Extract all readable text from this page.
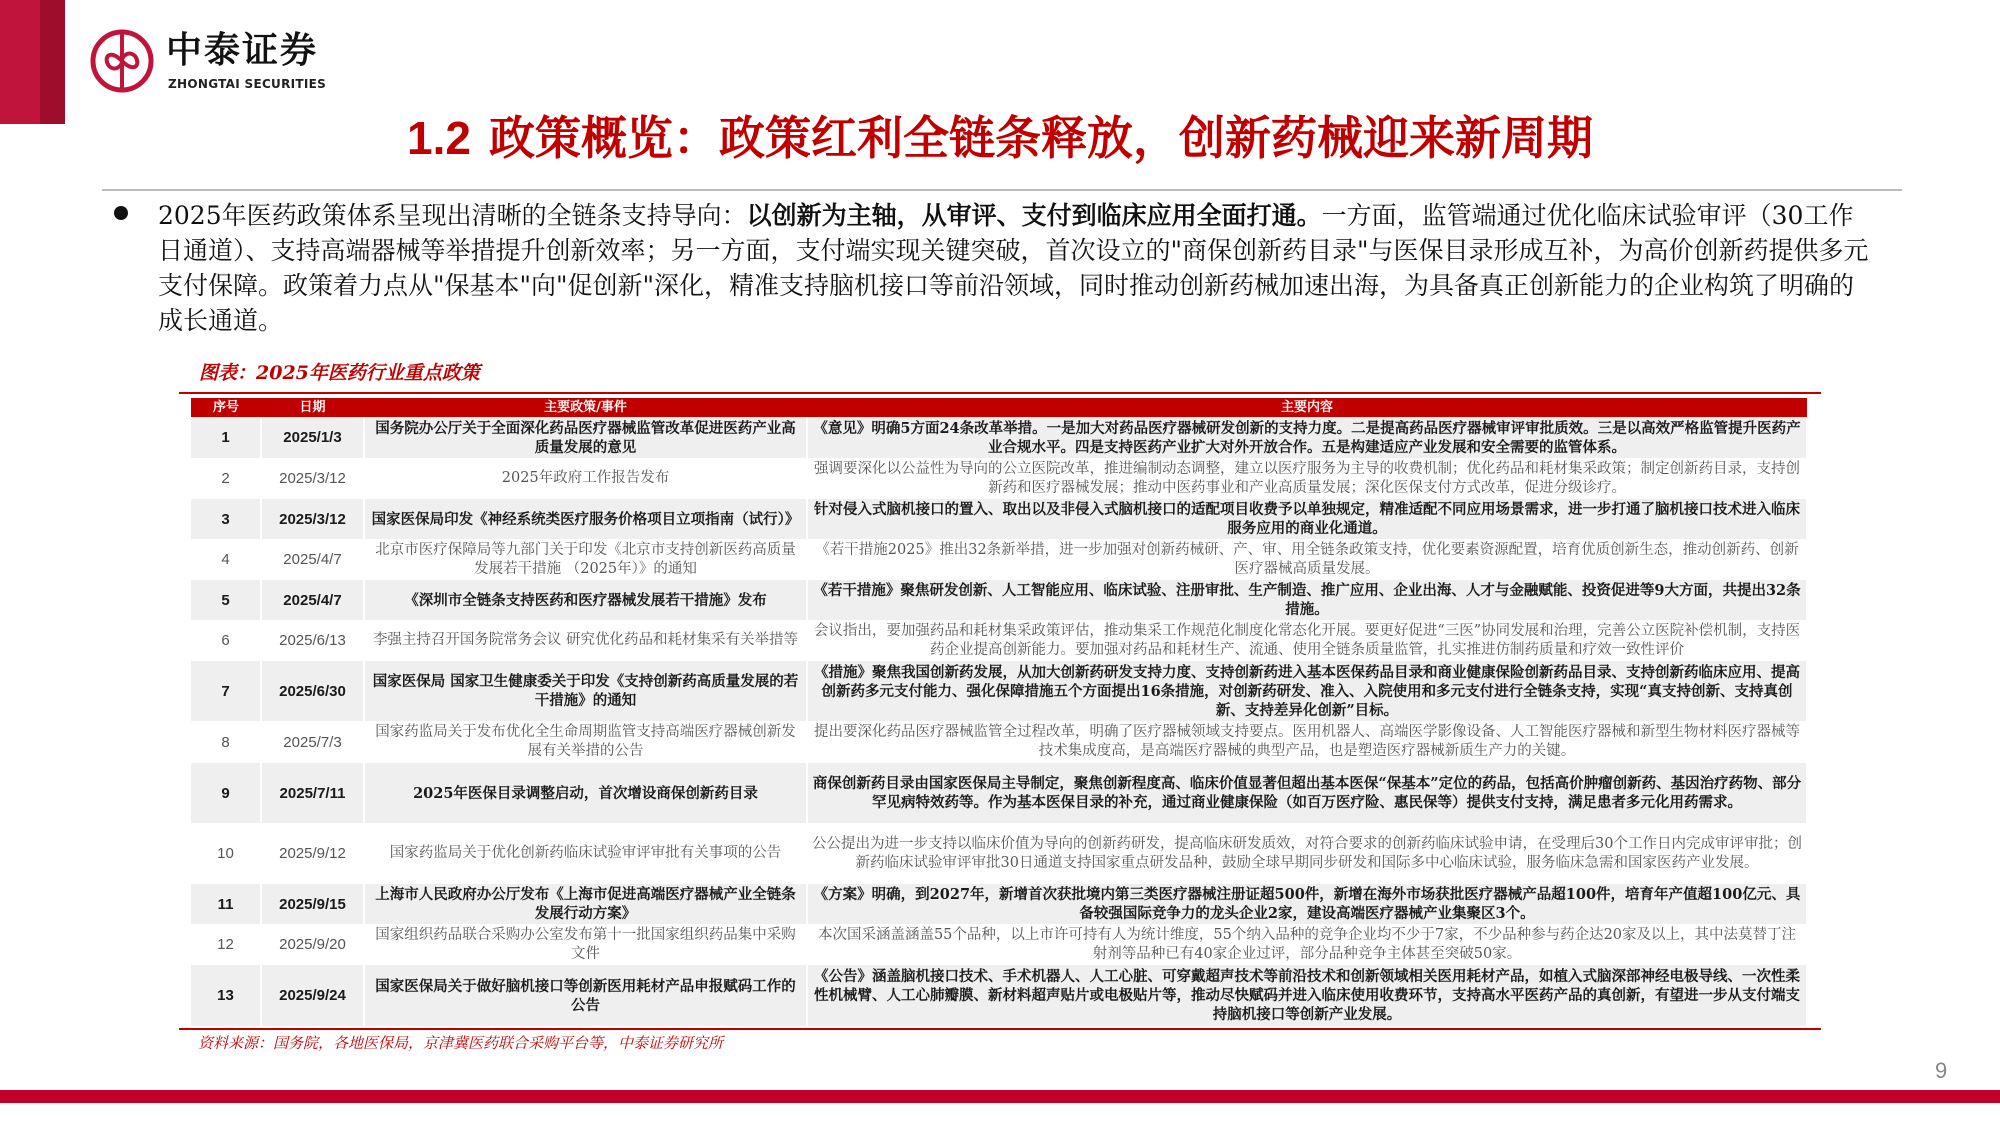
中泰证券
ZHONGTAI SECURITIES
1.2 政策概览：政策红利全链条释放，创新药械迎来新周期
2025年医药政策体系呈现出清晰的全链条支持导向：以创新为主轴，从审评、支付到临床应用全面打通。一方面，监管端通过优化临床试验审评（30工作日通道）、支持高端器械等举措提升创新效率；另一方面，支付端实现关键突破，首次设立的"商保创新药目录"与医保目录形成互补，为高价创新药提供多元支付保障。政策着力点从"保基本"向"促创新"深化，精准支持脑机接口等前沿领域，同时推动创新药械加速出海，为具备真正创新能力的企业构筑了明确的成长通道。
图表：2025年医药行业重点政策
序号	日期	主要政策/事件	主要内容
1	2025/1/3	国务院办公厅关于全面深化药品医疗器械监管改革促进医药产业高质量发展的意见	《意见》明确5方面24条改革举措。一是加大对药品医疗器械研发创新的支持力度。二是提高药品医疗器械审评审批质效。三是以高效严格监管提升医药产业合规水平。四是支持医药产业扩大对外开放合作。五是构建适应产业发展和安全需要的监管体系。
2	2025/3/12	2025年政府工作报告发布	强调要深化以公益性为导向的公立医院改革，推进编制动态调整，建立以医疗服务为主导的收费机制；优化药品和耗材集采政策；制定创新药目录，支持创新药和医疗器械发展；推动中医药事业和产业高质量发展；深化医保支付方式改革，促进分级诊疗。
3	2025/3/12	国家医保局印发《神经系统类医疗服务价格项目立项指南（试行）》	针对侵入式脑机接口的置入、取出以及非侵入式脑机接口的适配项目收费予以单独规定，精准适配不同应用场景需求，进一步打通了脑机接口技术进入临床服务应用的商业化通道。
4	2025/4/7	北京市医疗保障局等九部门关于印发《北京市支持创新医药高质量发展若干措施 （2025年）》的通知	《若干措施2025》推出32条新举措，进一步加强对创新药械研、产、审、用全链条政策支持，优化要素资源配置，培育优质创新生态，推动创新药、创新医疗器械高质量发展。
5	2025/4/7	《深圳市全链条支持医药和医疗器械发展若干措施》发布	《若干措施》聚焦研发创新、人工智能应用、临床试验、注册审批、生产制造、推广应用、企业出海、人才与金融赋能、投资促进等9大方面，共提出32条措施。
6	2025/6/13	李强主持召开国务院常务会议 研究优化药品和耗材集采有关举措等	会议指出，要加强药品和耗材集采政策评估，推动集采工作规范化制度化常态化开展。要更好促进“三医”协同发展和治理，完善公立医院补偿机制，支持医药企业提高创新能力。要加强对药品和耗材生产、流通、使用全链条质量监管，扎实推进仿制药质量和疗效一致性评价
7	2025/6/30	国家医保局 国家卫生健康委关于印发《支持创新药高质量发展的若干措施》的通知	《措施》聚焦我国创新药发展，从加大创新药研发支持力度、支持创新药进入基本医保药品目录和商业健康保险创新药品目录、支持创新药临床应用、提高创新药多元支付能力、强化保障措施五个方面提出16条措施，对创新药研发、准入、入院使用和多元支付进行全链条支持，实现“真支持创新、支持真创新、支持差异化创新”目标。
8	2025/7/3	国家药监局关于发布优化全生命周期监管支持高端医疗器械创新发展有关举措的公告	提出要深化药品医疗器械监管全过程改革，明确了医疗器械领域支持要点。医用机器人、高端医学影像设备、人工智能医疗器械和新型生物材料医疗器械等技术集成度高，是高端医疗器械的典型产品，也是塑造医疗器械新质生产力的关键。
9	2025/7/11	2025年医保目录调整启动，首次增设商保创新药目录	商保创新药目录由国家医保局主导制定，聚焦创新程度高、临床价值显著但超出基本医保“保基本”定位的药品，包括高价肿瘤创新药、基因治疗药物、部分罕见病特效药等。作为基本医保目录的补充，通过商业健康保险（如百万医疗险、惠民保等）提供支付支持，满足患者多元化用药需求。
10	2025/9/12	国家药监局关于优化创新药临床试验审评审批有关事项的公告	公公提出为进一步支持以临床价值为导向的创新药研发，提高临床研发质效，对符合要求的创新药临床试验申请，在受理后30个工作日内完成审评审批；创新药临床试验审评审批30日通道支持国家重点研发品种，鼓励全球早期同步研发和国际多中心临床试验，服务临床急需和国家医药产业发展。
11	2025/9/15	上海市人民政府办公厅发布《上海市促进高端医疗器械产业全链条发展行动方案》	《方案》明确，到2027年，新增首次获批境内第三类医疗器械注册证超500件，新增在海外市场获批医疗器械产品超100件，培育年产值超100亿元、具备较强国际竞争力的龙头企业2家，建设高端医疗器械产业集聚区3个。
12	2025/9/20	国家组织药品联合采购办公室发布第十一批国家组织药品集中采购文件	本次国采涵盖涵盖55个品种，以上市许可持有人为统计维度，55个纳入品种的竞争企业均不少于7家，不少品种参与药企达20家及以上，其中法莫替丁注射剂等品种已有40家企业过评，部分品种竞争主体甚至突破50家。
13	2025/9/24	国家医保局关于做好脑机接口等创新医用耗材产品申报赋码工作的公告	《公告》涵盖脑机接口技术、手术机器人、人工心脏、可穿戴超声技术等前沿技术和创新领域相关医用耗材产品，如植入式脑深部神经电极导线、一次性柔性机械臂、人工心肺瓣膜、新材料超声贴片或电极贴片等，推动尽快赋码并进入临床使用收费环节，支持高水平医药产品的真创新，有望进一步从支付端支持脑机接口等创新产业发展。
资料来源：国务院，各地医保局，京津冀医药联合采购平台等，中泰证券研究所
9
